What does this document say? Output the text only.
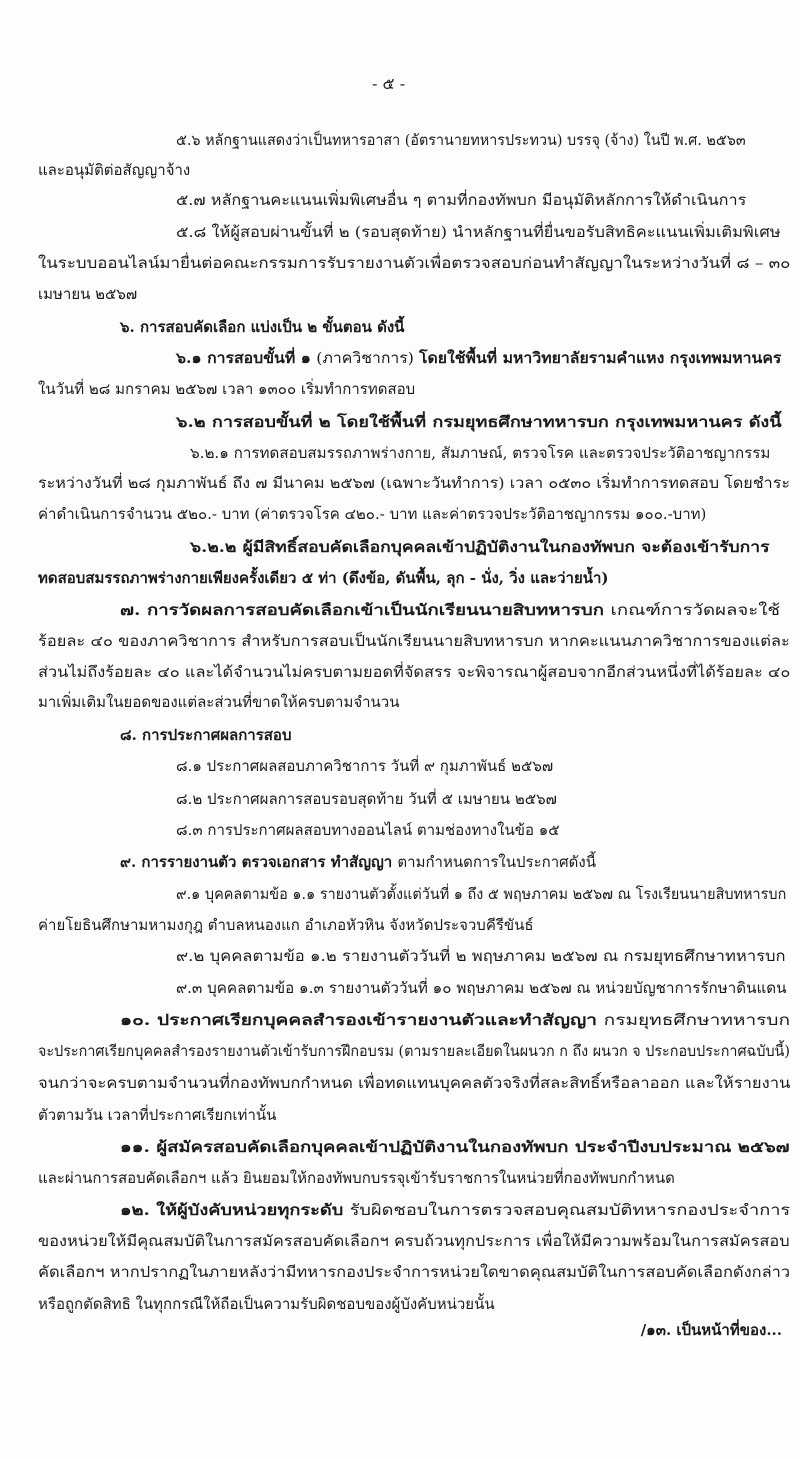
- ๕ -
๕.๖ หลักฐานแสดงว่าเป็นทหารอาสา (อัตรานายทหารประทวน) บรรจุ (จ้าง) ในปี พ.ศ. ๒๕๖๓
และอนุมัติต่อสัญญาจ้าง
๕.๗ หลักฐานคะแนนเพิ่มพิเศษอื่น ๆ ตามที่กองทัพบก มีอนุมัติหลักการให้ดำเนินการ
๕.๘ ให้ผู้สอบผ่านขั้นที่ ๒ (รอบสุดท้าย) นำหลักฐานที่ยื่นขอรับสิทธิคะแนนเพิ่มเติมพิเศษ
ในระบบออนไลน์มายื่นต่อคณะกรรมการรับรายงานตัวเพื่อตรวจสอบก่อนทำสัญญาในระหว่างวันที่ ๘ – ๓๐
เมษายน ๒๕๖๗
๖. การสอบคัดเลือก แบ่งเป็น ๒ ขั้นตอน ดังนี้
๖.๑ การสอบขั้นที่ ๑ (ภาควิชาการ) โดยใช้พื้นที่ มหาวิทยาลัยรามคำแหง กรุงเทพมหานคร
ในวันที่ ๒๘ มกราคม ๒๕๖๗ เวลา ๑๓๐๐ เริ่มทำการทดสอบ
๖.๒ การสอบขั้นที่ ๒ โดยใช้พื้นที่ กรมยุทธศึกษาทหารบก กรุงเทพมหานคร ดังนี้
๖.๒.๑ การทดสอบสมรรถภาพร่างกาย, สัมภาษณ์, ตรวจโรค และตรวจประวัติอาชญากรรม
ระหว่างวันที่ ๒๘ กุมภาพันธ์ ถึง ๗ มีนาคม ๒๕๖๗ (เฉพาะวันทำการ) เวลา ๐๕๓๐ เริ่มทำการทดสอบ โดยชำระ
ค่าดำเนินการจำนวน ๕๒๐.- บาท (ค่าตรวจโรค ๔๒๐.- บาท และค่าตรวจประวัติอาชญากรรม ๑๐๐.-บาท)
๖.๒.๒ ผู้มีสิทธิ์สอบคัดเลือกบุคคลเข้าปฏิบัติงานในกองทัพบก จะต้องเข้ารับการ
ทดสอบสมรรถภาพร่างกายเพียงครั้งเดียว ๕ ท่า (ดึงข้อ, ดันพื้น, ลุก - นั่ง, วิ่ง และว่ายน้ำ)
๗. การวัดผลการสอบคัดเลือกเข้าเป็นนักเรียนนายสิบทหารบก เกณฑ์การวัดผลจะใช้
ร้อยละ ๔๐ ของภาควิชาการ สำหรับการสอบเป็นนักเรียนนายสิบทหารบก หากคะแนนภาควิชาการของแต่ละ
ส่วนไม่ถึงร้อยละ ๔๐ และได้จำนวนไม่ครบตามยอดที่จัดสรร จะพิจารณาผู้สอบจากอีกส่วนหนึ่งที่ได้ร้อยละ ๔๐
มาเพิ่มเติมในยอดของแต่ละส่วนที่ขาดให้ครบตามจำนวน
๘. การประกาศผลการสอบ
๘.๑ ประกาศผลสอบภาควิชาการ วันที่ ๙ กุมภาพันธ์ ๒๕๖๗
๘.๒ ประกาศผลการสอบรอบสุดท้าย วันที่ ๕ เมษายน ๒๕๖๗
๘.๓ การประกาศผลสอบทางออนไลน์ ตามช่องทางในข้อ ๑๕
๙. การรายงานตัว ตรวจเอกสาร ทำสัญญา ตามกำหนดการในประกาศดังนี้
๙.๑ บุคคลตามข้อ ๑.๑ รายงานตัวตั้งแต่วันที่ ๑ ถึง ๕ พฤษภาคม ๒๕๖๗ ณ โรงเรียนนายสิบทหารบก
ค่ายโยธินศึกษามหามงกุฎ ตำบลหนองแก อำเภอหัวหิน จังหวัดประจวบคีรีขันธ์
๙.๒ บุคคลตามข้อ ๑.๒ รายงานตัววันที่ ๒ พฤษภาคม ๒๕๖๗ ณ กรมยุทธศึกษาทหารบก
๙.๓ บุคคลตามข้อ ๑.๓ รายงานตัววันที่ ๑๐ พฤษภาคม ๒๕๖๗ ณ หน่วยบัญชาการรักษาดินแดน
๑๐. ประกาศเรียกบุคคลสำรองเข้ารายงานตัวและทำสัญญา กรมยุทธศึกษาทหารบก
จะประกาศเรียกบุคคลสำรองรายงานตัวเข้ารับการฝึกอบรม (ตามรายละเอียดในผนวก ก ถึง ผนวก จ ประกอบประกาศฉบับนี้)
จนกว่าจะครบตามจำนวนที่กองทัพบกกำหนด เพื่อทดแทนบุคคลตัวจริงที่สละสิทธิ์หรือลาออก และให้รายงาน
ตัวตามวัน เวลาที่ประกาศเรียกเท่านั้น
๑๑. ผู้สมัครสอบคัดเลือกบุคคลเข้าปฏิบัติงานในกองทัพบก ประจำปีงบประมาณ ๒๕๖๗
และผ่านการสอบคัดเลือกฯ แล้ว ยินยอมให้กองทัพบกบรรจุเข้ารับราชการในหน่วยที่กองทัพบกกำหนด
๑๒. ให้ผู้บังคับหน่วยทุกระดับ รับผิดชอบในการตรวจสอบคุณสมบัติทหารกองประจำการ
ของหน่วยให้มีคุณสมบัติในการสมัครสอบคัดเลือกฯ ครบถ้วนทุกประการ เพื่อให้มีความพร้อมในการสมัครสอบ
คัดเลือกฯ หากปรากฏในภายหลังว่ามีทหารกองประจำการหน่วยใดขาดคุณสมบัติในการสอบคัดเลือกดังกล่าว
หรือถูกตัดสิทธิ ในทุกกรณีให้ถือเป็นความรับผิดชอบของผู้บังคับหน่วยนั้น
/๑๓. เป็นหน้าที่ของ...
